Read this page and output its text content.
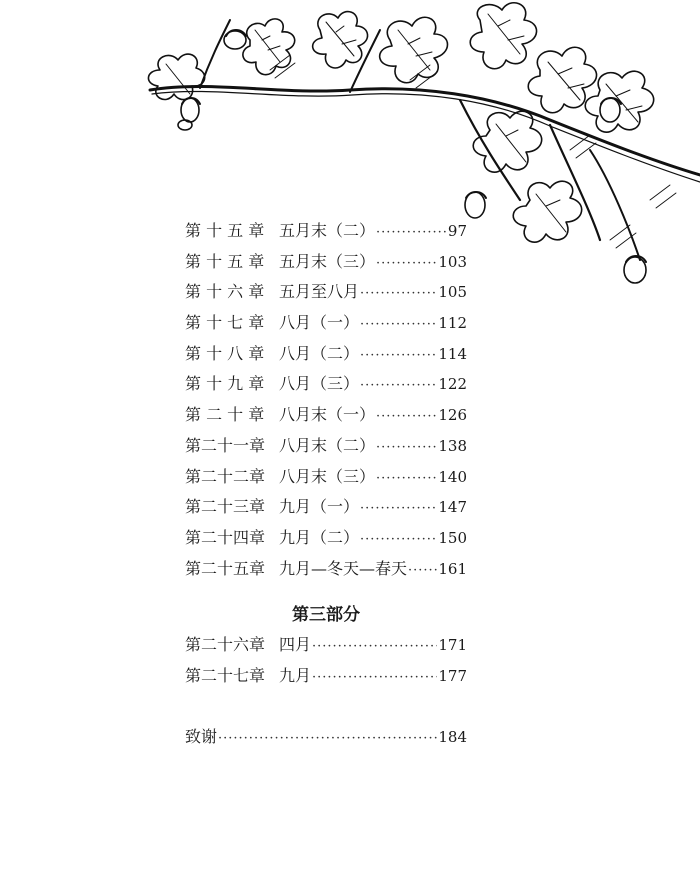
第 十 五 章 五月末（二） ·····	97
第 十 五 章 五月末（三） ·····	103
第 十 六 章 五月至八月 ·····	105
第 十 七 章 八月（一） ·····	112
第 十 八 章 八月（二） ·····	114
第 十 九 章 八月（三） ·····	122
第 二 十 章 八月末（一） ·····	126
第二十一章 八月末（二） ·····	138
第二十二章 八月末（三） ·····	140
第二十三章 九月（一） ·····	147
第二十四章 九月（二） ·····	150
第二十五章 九月—冬天—春天 ····· 161
第三部分
第二十六章 四月 ·····	171
第二十七章 九月 ·····	177
致谢 ·····	184
